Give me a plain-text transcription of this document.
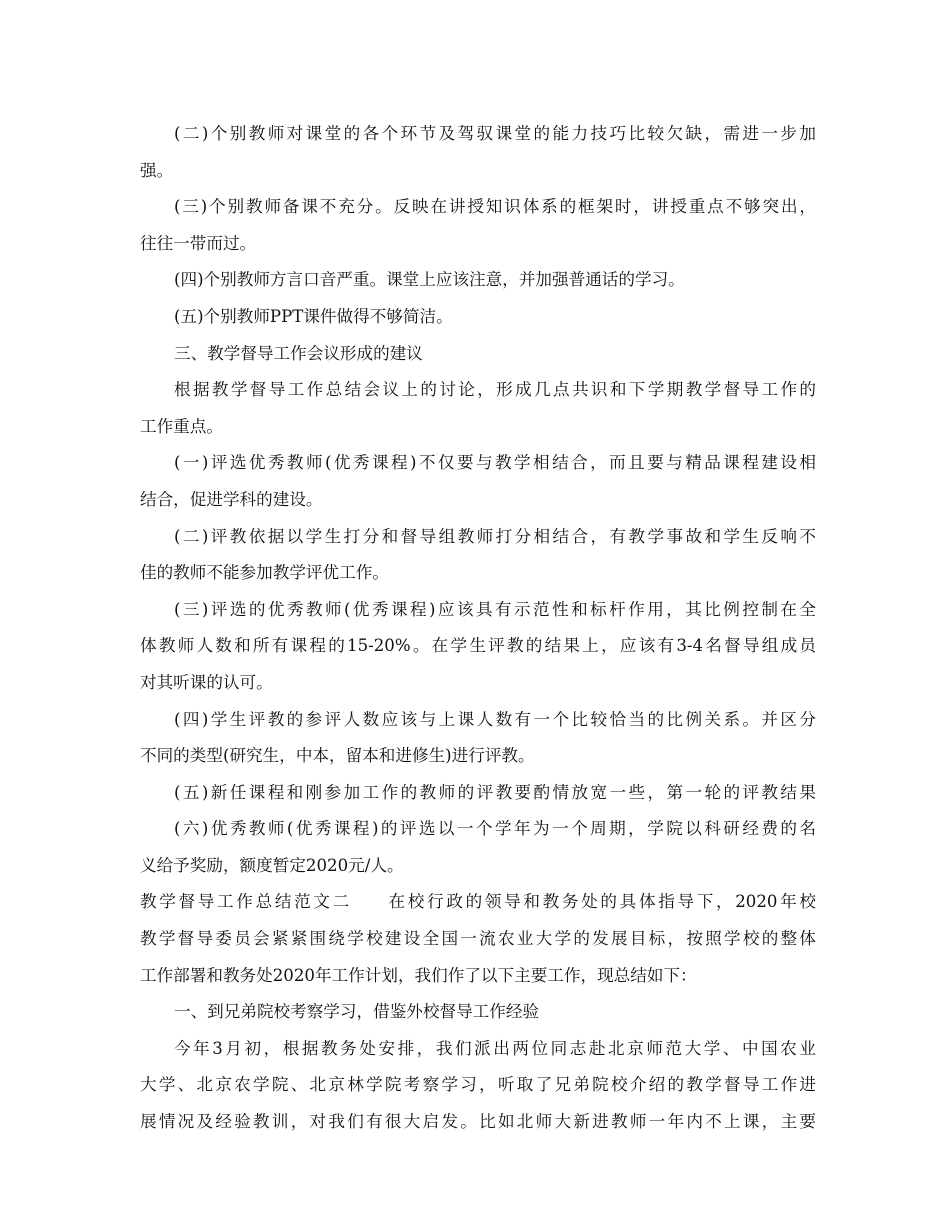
(二)个别教师对课堂的各个环节及驾驭课堂的能力技巧比较欠缺，需进一步加
强。
(三)个别教师备课不充分。反映在讲授知识体系的框架时，讲授重点不够突出，
往往一带而过。
(四)个别教师方言口音严重。课堂上应该注意，并加强普通话的学习。
(五)个别教师PPT课件做得不够简洁。
三、教学督导工作会议形成的建议
根据教学督导工作总结会议上的讨论，形成几点共识和下学期教学督导工作的
工作重点。
(一)评选优秀教师(优秀课程)不仅要与教学相结合，而且要与精品课程建设相
结合，促进学科的建设。
(二)评教依据以学生打分和督导组教师打分相结合，有教学事故和学生反响不
佳的教师不能参加教学评优工作。
(三)评选的优秀教师(优秀课程)应该具有示范性和标杆作用，其比例控制在全
体教师人数和所有课程的15-20%。在学生评教的结果上，应该有3-4名督导组成员
对其听课的认可。
(四)学生评教的参评人数应该与上课人数有一个比较恰当的比例关系。并区分
不同的类型(研究生，中本，留本和进修生)进行评教。
(五)新任课程和刚参加工作的教师的评教要酌情放宽一些，第一轮的评教结果
(六)优秀教师(优秀课程)的评选以一个学年为一个周期，学院以科研经费的名
义给予奖励，额度暂定2020元/人。
教学督导工作总结范文二 在校行政的领导和教务处的具体指导下，2020年校
教学督导委员会紧紧围绕学校建设全国一流农业大学的发展目标，按照学校的整体
工作部署和教务处2020年工作计划，我们作了以下主要工作，现总结如下：
一、到兄弟院校考察学习，借鉴外校督导工作经验
今年3月初，根据教务处安排，我们派出两位同志赴北京师范大学、中国农业
大学、北京农学院、北京林学院考察学习，听取了兄弟院校介绍的教学督导工作进
展情况及经验教训，对我们有很大启发。比如北师大新进教师一年内不上课，主要
